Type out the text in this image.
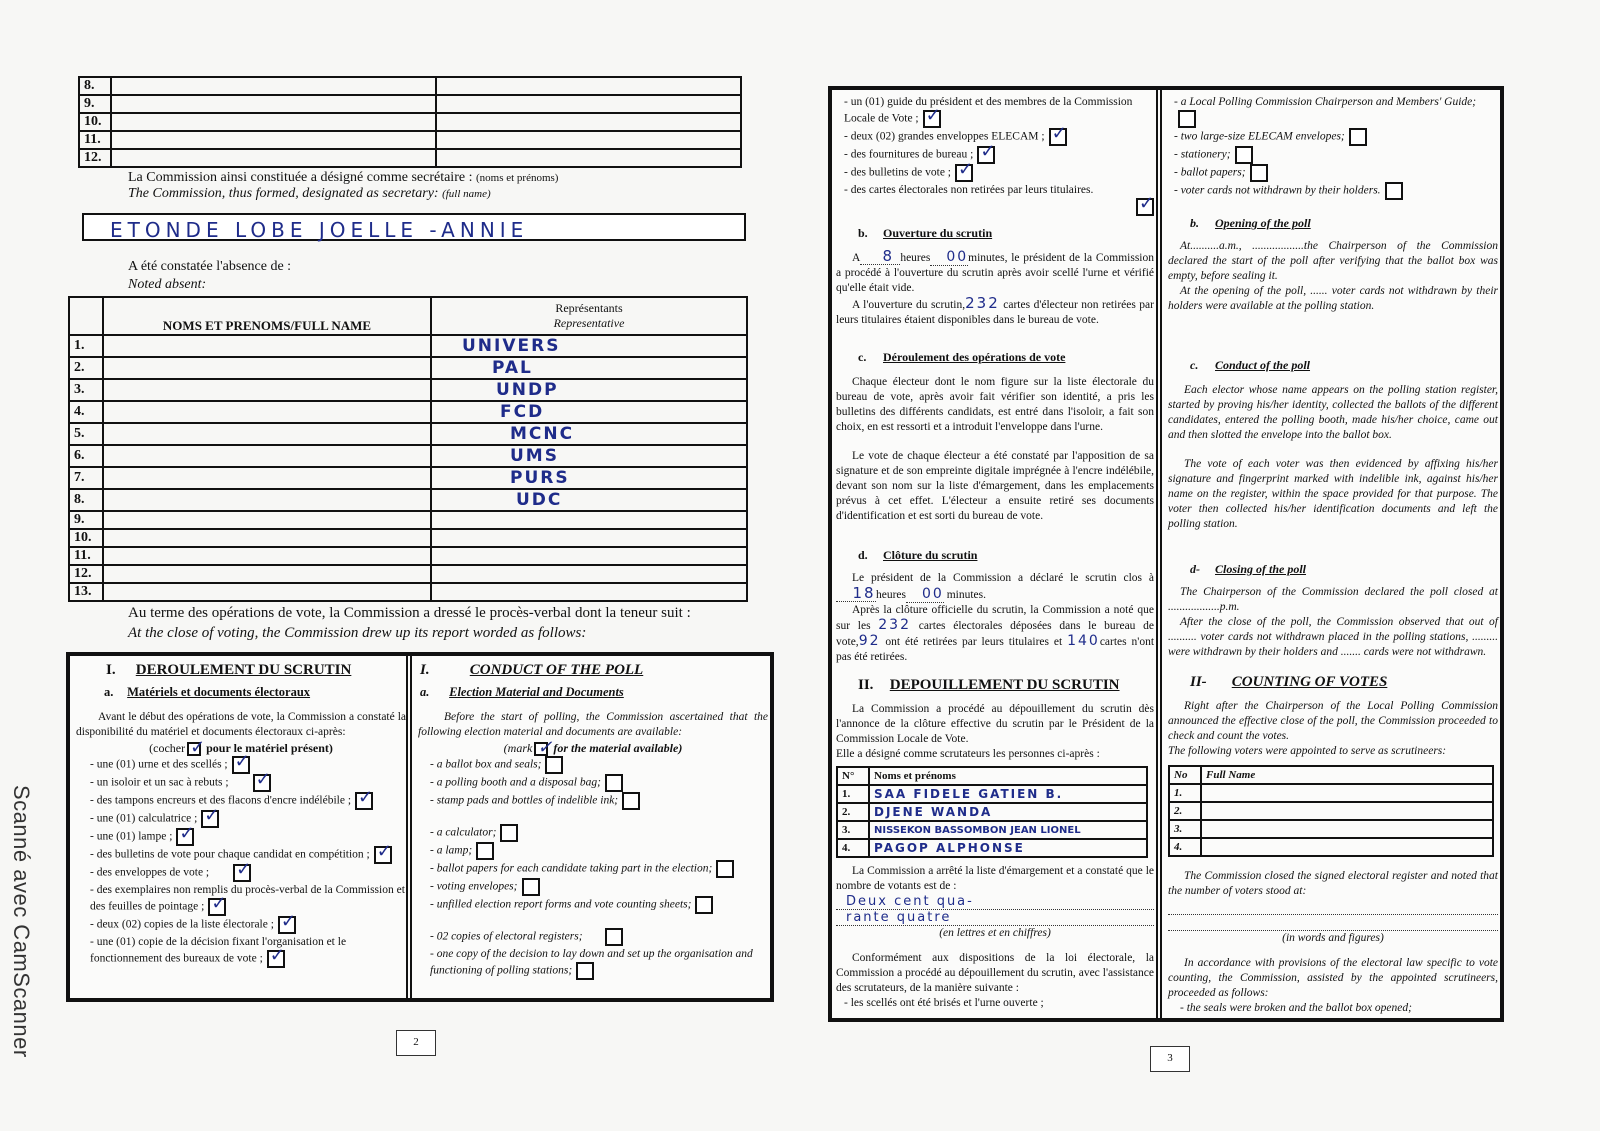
Scanné avec CamScanner
8.		
9.		
10.		
11.		
12.		
La Commission ainsi constituée a désigné comme secrétaire : (noms et prénoms)
The Commission, thus formed, designated as secretary: (full name)
ETONDE LOBE JOELLE -ANNIE
A été constatée l'absence de :
Noted absent:
	NOMS ET PRENOMS/FULL NAME	Représentants
Representative

1.		UNIVERS
2.		PAL
3.		UNDP
4.		FCD
5.		MCNC
6.		UMS
7.		PURS
8.		UDC
9.		
10.		
11.		
12.		
13.		
Au terme des opérations de vote, la Commission a dressé le procès-verbal dont la teneur suit :
At the close of voting, the Commission drew up its report worded as follows:
I. DEROULEMENT DU SCRUTIN
a. Matériels et documents électoraux
Avant le début des opérations de vote, la Commission a constaté la disponibilité du matériel et documents électoraux ci-après:
(cocher ✓ pour le matériel présent)
- une (01) urne et des scellés ;✓
- un isoloir et un sac à rebuts ;✓
- des tampons encreurs et des flacons d'encre indélébile ;✓
- une (01) calculatrice ;✓
- une (01) lampe ;✓
- des bulletins de vote pour chaque candidat en compétition ;✓
- des enveloppes de vote ;✓
- des exemplaires non remplis du procès-verbal de la Commission et des feuilles de pointage ;✓
- deux (02) copies de la liste électorale ;✓
- une (01) copie de la décision fixant l'organisation et le fonctionnement des bureaux de vote ;✓
I.	CONDUCT OF THE POLL
a. Election Material and Documents
Before the start of polling, the Commission ascertained that the following election material and documents are available:
(mark ✓ for the material available)
- a ballot box and seals;
- a polling booth and a disposal bag;
- stamp pads and bottles of indelible ink;
- a calculator;
- a lamp;
- ballot papers for each candidate taking part in the election;
- voting envelopes;
- unfilled election report forms and vote counting sheets;
- 02 copies of electoral registers;
- one copy of the decision to lay down and set up the organisation and functioning of polling stations;
2
- un (01) guide du président et des membres de la Commission Locale de Vote ;✓
- deux (02) grandes enveloppes ELECAM ;✓
- des fournitures de bureau ;✓
- des bulletins de vote ;✓
- des cartes électorales non retirées par leurs titulaires.
✓
b. Ouverture du scrutin
A 8 heures 00minutes, le président de la Commission a procédé à l'ouverture du scrutin après avoir scellé l'urne et vérifié qu'elle était vide.
A l'ouverture du scrutin,232 cartes d'électeur non retirées par leurs titulaires étaient disponibles dans le bureau de vote.
c. Déroulement des opérations de vote
Chaque électeur dont le nom figure sur la liste électorale du bureau de vote, après avoir fait vérifier son identité, a pris les bulletins des différents candidats, est entré dans l'isoloir, a fait son choix, en est ressorti et a introduit l'enveloppe dans l'urne.
Le vote de chaque électeur a été constaté par l'apposition de sa signature et de son empreinte digitale imprégnée à l'encre indélébile, devant son nom sur la liste d'émargement, dans les emplacements prévus à cet effet. L'électeur a ensuite retiré ses documents d'identification et est sorti du bureau de vote.
d. Clôture du scrutin
Le président de la Commission a déclaré le scrutin clos à 18heures 00 minutes.
Après la clôture officielle du scrutin, la Commission a noté que sur les 232 cartes électorales déposées dans le bureau de vote,92 ont été retirées par leurs titulaires et 140cartes n'ont pas été retirées.
II. DEPOUILLEMENT DU SCRUTIN
La Commission a procédé au dépouillement du scrutin dès l'annonce de la clôture effective du scrutin par le Président de la Commission Locale de Vote.
Elle a désigné comme scrutateurs les personnes ci-après :
N°	Noms et prénoms
1.	SAA FIDELE GATIEN B.
2.	DJENE WANDA
3.	NISSEKON BASSOMBON JEAN LIONEL
4.	PAGOP ALPHONSE
La Commission a arrêté la liste d'émargement et a constaté que le nombre de votants est de :
Deux cent qua-
rante quatre
(en lettres et en chiffres)
Conformément aux dispositions de la loi électorale, la Commission a procédé au dépouillement du scrutin, avec l'assistance des scrutateurs, de la manière suivante :
- les scellés ont été brisés et l'urne ouverte ;
- a Local Polling Commission Chairperson and Members' Guide;
- two large-size ELECAM envelopes;
- stationery;
- ballot papers;
- voter cards not withdrawn by their holders.
b. Opening of the poll
At..........a.m., ..................the Chairperson of the Commission declared the start of the poll after verifying that the ballot box was empty, before sealing it.
At the opening of the poll, ...... voter cards not withdrawn by their holders were available at the polling station.
c. Conduct of the poll
Each elector whose name appears on the polling station register, started by proving his/her identity, collected the ballots of the different candidates, entered the polling booth, made his/her choice, came out and then slotted the envelope into the ballot box.
The vote of each voter was then evidenced by affixing his/her signature and fingerprint marked with indelible ink, against his/her name on the register, within the space provided for that purpose. The voter then collected his/her identification documents and left the polling station.
d- Closing of the poll
The Chairperson of the Commission declared the poll closed at ..................p.m.
After the close of the poll, the Commission observed that out of .......... voter cards not withdrawn placed in the polling stations, ......... were withdrawn by their holders and ....... cards were not withdrawn.
II- COUNTING OF VOTES
Right after the Chairperson of the Local Polling Commission announced the effective close of the poll, the Commission proceeded to check and count the votes.
The following voters were appointed to serve as scrutineers:
No	Full Name
1.	
2.	
3.	
4.	
The Commission closed the signed electoral register and noted that the number of voters stood at:
(in words and figures)
In accordance with provisions of the electoral law specific to vote counting, the Commission, assisted by the appointed scrutineers, proceeded as follows:
- the seals were broken and the ballot box opened;
3
